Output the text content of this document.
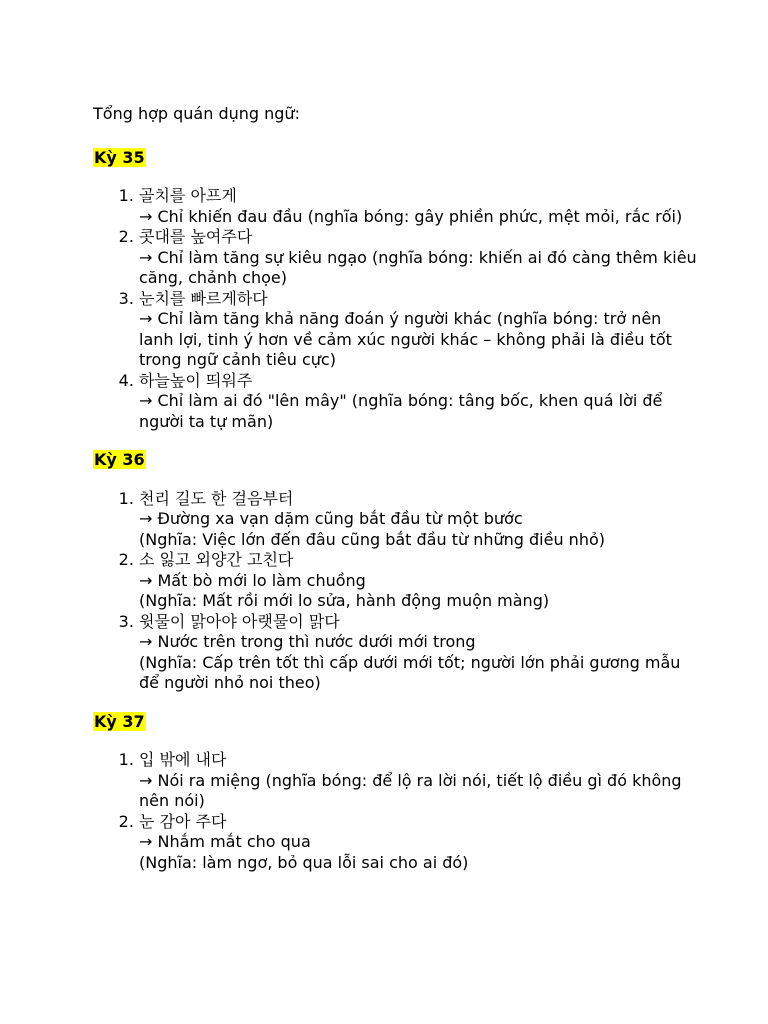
Tổng hợp quán dụng ngữ:

Kỳ 35

1. 골치를 아프게
→ Chỉ khiến đau đầu (nghĩa bóng: gây phiền phức, mệt mỏi, rắc rối)
2. 콧대를 높여주다
→ Chỉ làm tăng sự kiêu ngạo (nghĩa bóng: khiến ai đó càng thêm kiêu căng, chảnh chọe)
3. 눈치를 빠르게하다
→ Chỉ làm tăng khả năng đoán ý người khác (nghĩa bóng: trở nên lanh lợi, tinh ý hơn về cảm xúc người khác – không phải là điều tốt trong ngữ cảnh tiêu cực)
4. 하늘높이 띄워주
→ Chỉ làm ai đó "lên mây" (nghĩa bóng: tâng bốc, khen quá lời để người ta tự mãn)

Kỳ 36

1. 천리 길도 한 걸음부터
→ Đường xa vạn dặm cũng bắt đầu từ một bước
(Nghĩa: Việc lớn đến đâu cũng bắt đầu từ những điều nhỏ)
2. 소 잃고 외양간 고친다
→ Mất bò mới lo làm chuồng
(Nghĩa: Mất rồi mới lo sửa, hành động muộn màng)
3. 윗물이 맑아야 아랫물이 맑다
→ Nước trên trong thì nước dưới mới trong
(Nghĩa: Cấp trên tốt thì cấp dưới mới tốt; người lớn phải gương mẫu để người nhỏ noi theo)

Kỳ 37

1. 입 밖에 내다
→ Nói ra miệng (nghĩa bóng: để lộ ra lời nói, tiết lộ điều gì đó không nên nói)
2. 눈 감아 주다
→ Nhắm mắt cho qua
(Nghĩa: làm ngơ, bỏ qua lỗi sai cho ai đó)
